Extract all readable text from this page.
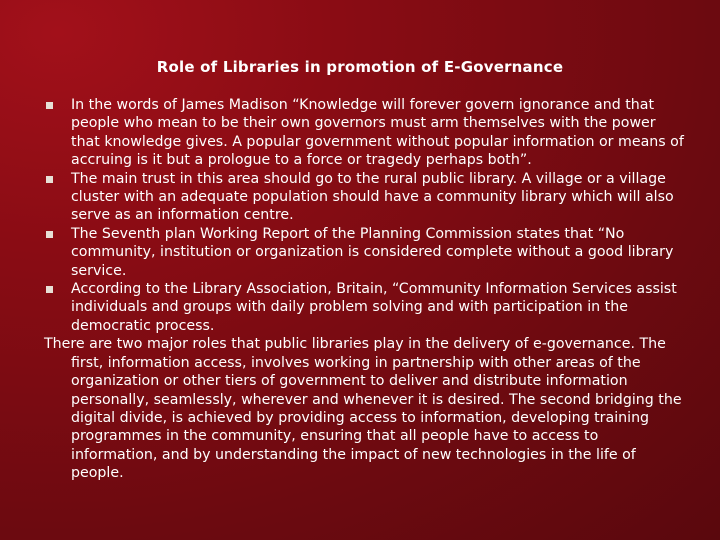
Role of Libraries in promotion of E-Governance
In the words of James Madison “Knowledge will forever govern ignorance and that people who mean to be their own governors must arm themselves with the power that knowledge gives. A popular government without popular information or means of accruing is it but a prologue to a force or tragedy perhaps both”.
The main trust in this area should go to the rural public library. A village or a village cluster with an adequate population should have a community library which will also serve as an information centre.
The Seventh plan Working Report of the Planning Commission states that “No community, institution or organization is considered complete without a good library service.
According to the Library Association, Britain, “Community Information Services assist individuals and groups with daily problem solving and with participation in the democratic process.
There are two major roles that public libraries play in the delivery of e-governance. The first, information access, involves working in partnership with other areas of the organization or other tiers of government to deliver and distribute information personally, seamlessly, wherever and whenever it is desired. The second bridging the digital divide, is achieved by providing access to information, developing training programmes in the community, ensuring that all people have to access to information, and by understanding the impact of new technologies in the life of people.
